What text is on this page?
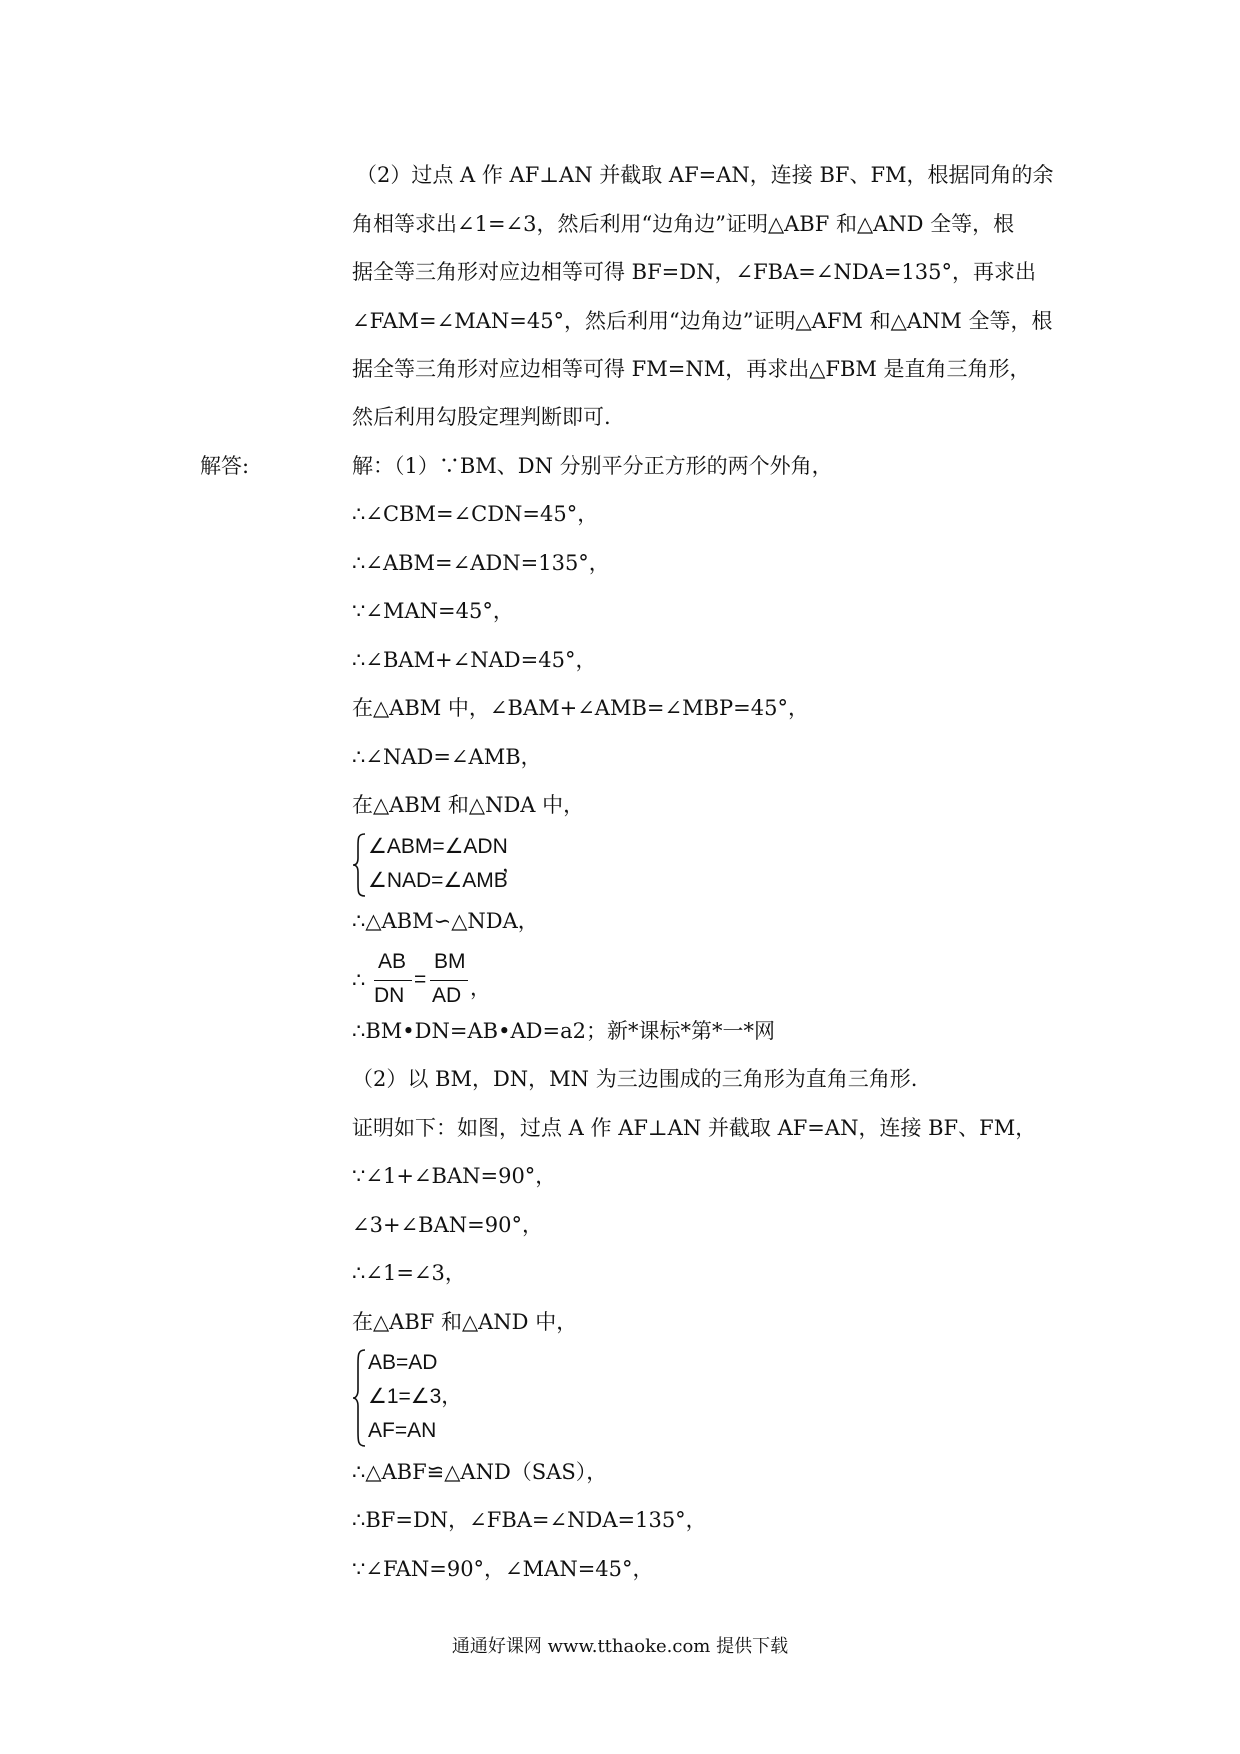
（2）过点 A 作 AF⊥AN 并截取 AF=AN，连接 BF、FM，根据同角的余
角相等求出∠1=∠3，然后利用“边角边”证明△ABF 和△AND 全等，根
据全等三角形对应边相等可得 BF=DN，∠FBA=∠NDA=135°，再求出
∠FAM=∠MAN=45°，然后利用“边角边”证明△AFM 和△ANM 全等，根
据全等三角形对应边相等可得 FM=NM，再求出△FBM 是直角三角形，
然后利用勾股定理判断即可.
解答:	解：（1）∵BM、DN 分别平分正方形的两个外角，
∴∠CBM=∠CDN=45°，
∴∠ABM=∠ADN=135°，
∵∠MAN=45°，
∴∠BAM+∠NAD=45°，
在△ABM 中，∠BAM+∠AMB=∠MBP=45°，
∴∠NAD=∠AMB，
在△ABM 和△NDA 中，
∠ABM=∠ADN
∠NAD=∠AMB
，
∴△ABM∽△NDA，
∴
AB
DN
=
BM
AD ，
∴BM•DN=AB•AD=a2；新*课标*第*一*网
（2）以 BM，DN，MN 为三边围成的三角形为直角三角形.
证明如下：如图，过点 A 作 AF⊥AN 并截取 AF=AN，连接 BF、FM，
∵∠1+∠BAN=90°，
∠3+∠BAN=90°，
∴∠1=∠3，
在△ABF 和△AND 中，
AB=AD
∠1=∠3，
AF=AN
∴△ABF≌△AND（SAS），
∴BF=DN，∠FBA=∠NDA=135°，
∵∠FAN=90°，∠MAN=45°，
通通好课网 www.tthaoke.com 提供下载
